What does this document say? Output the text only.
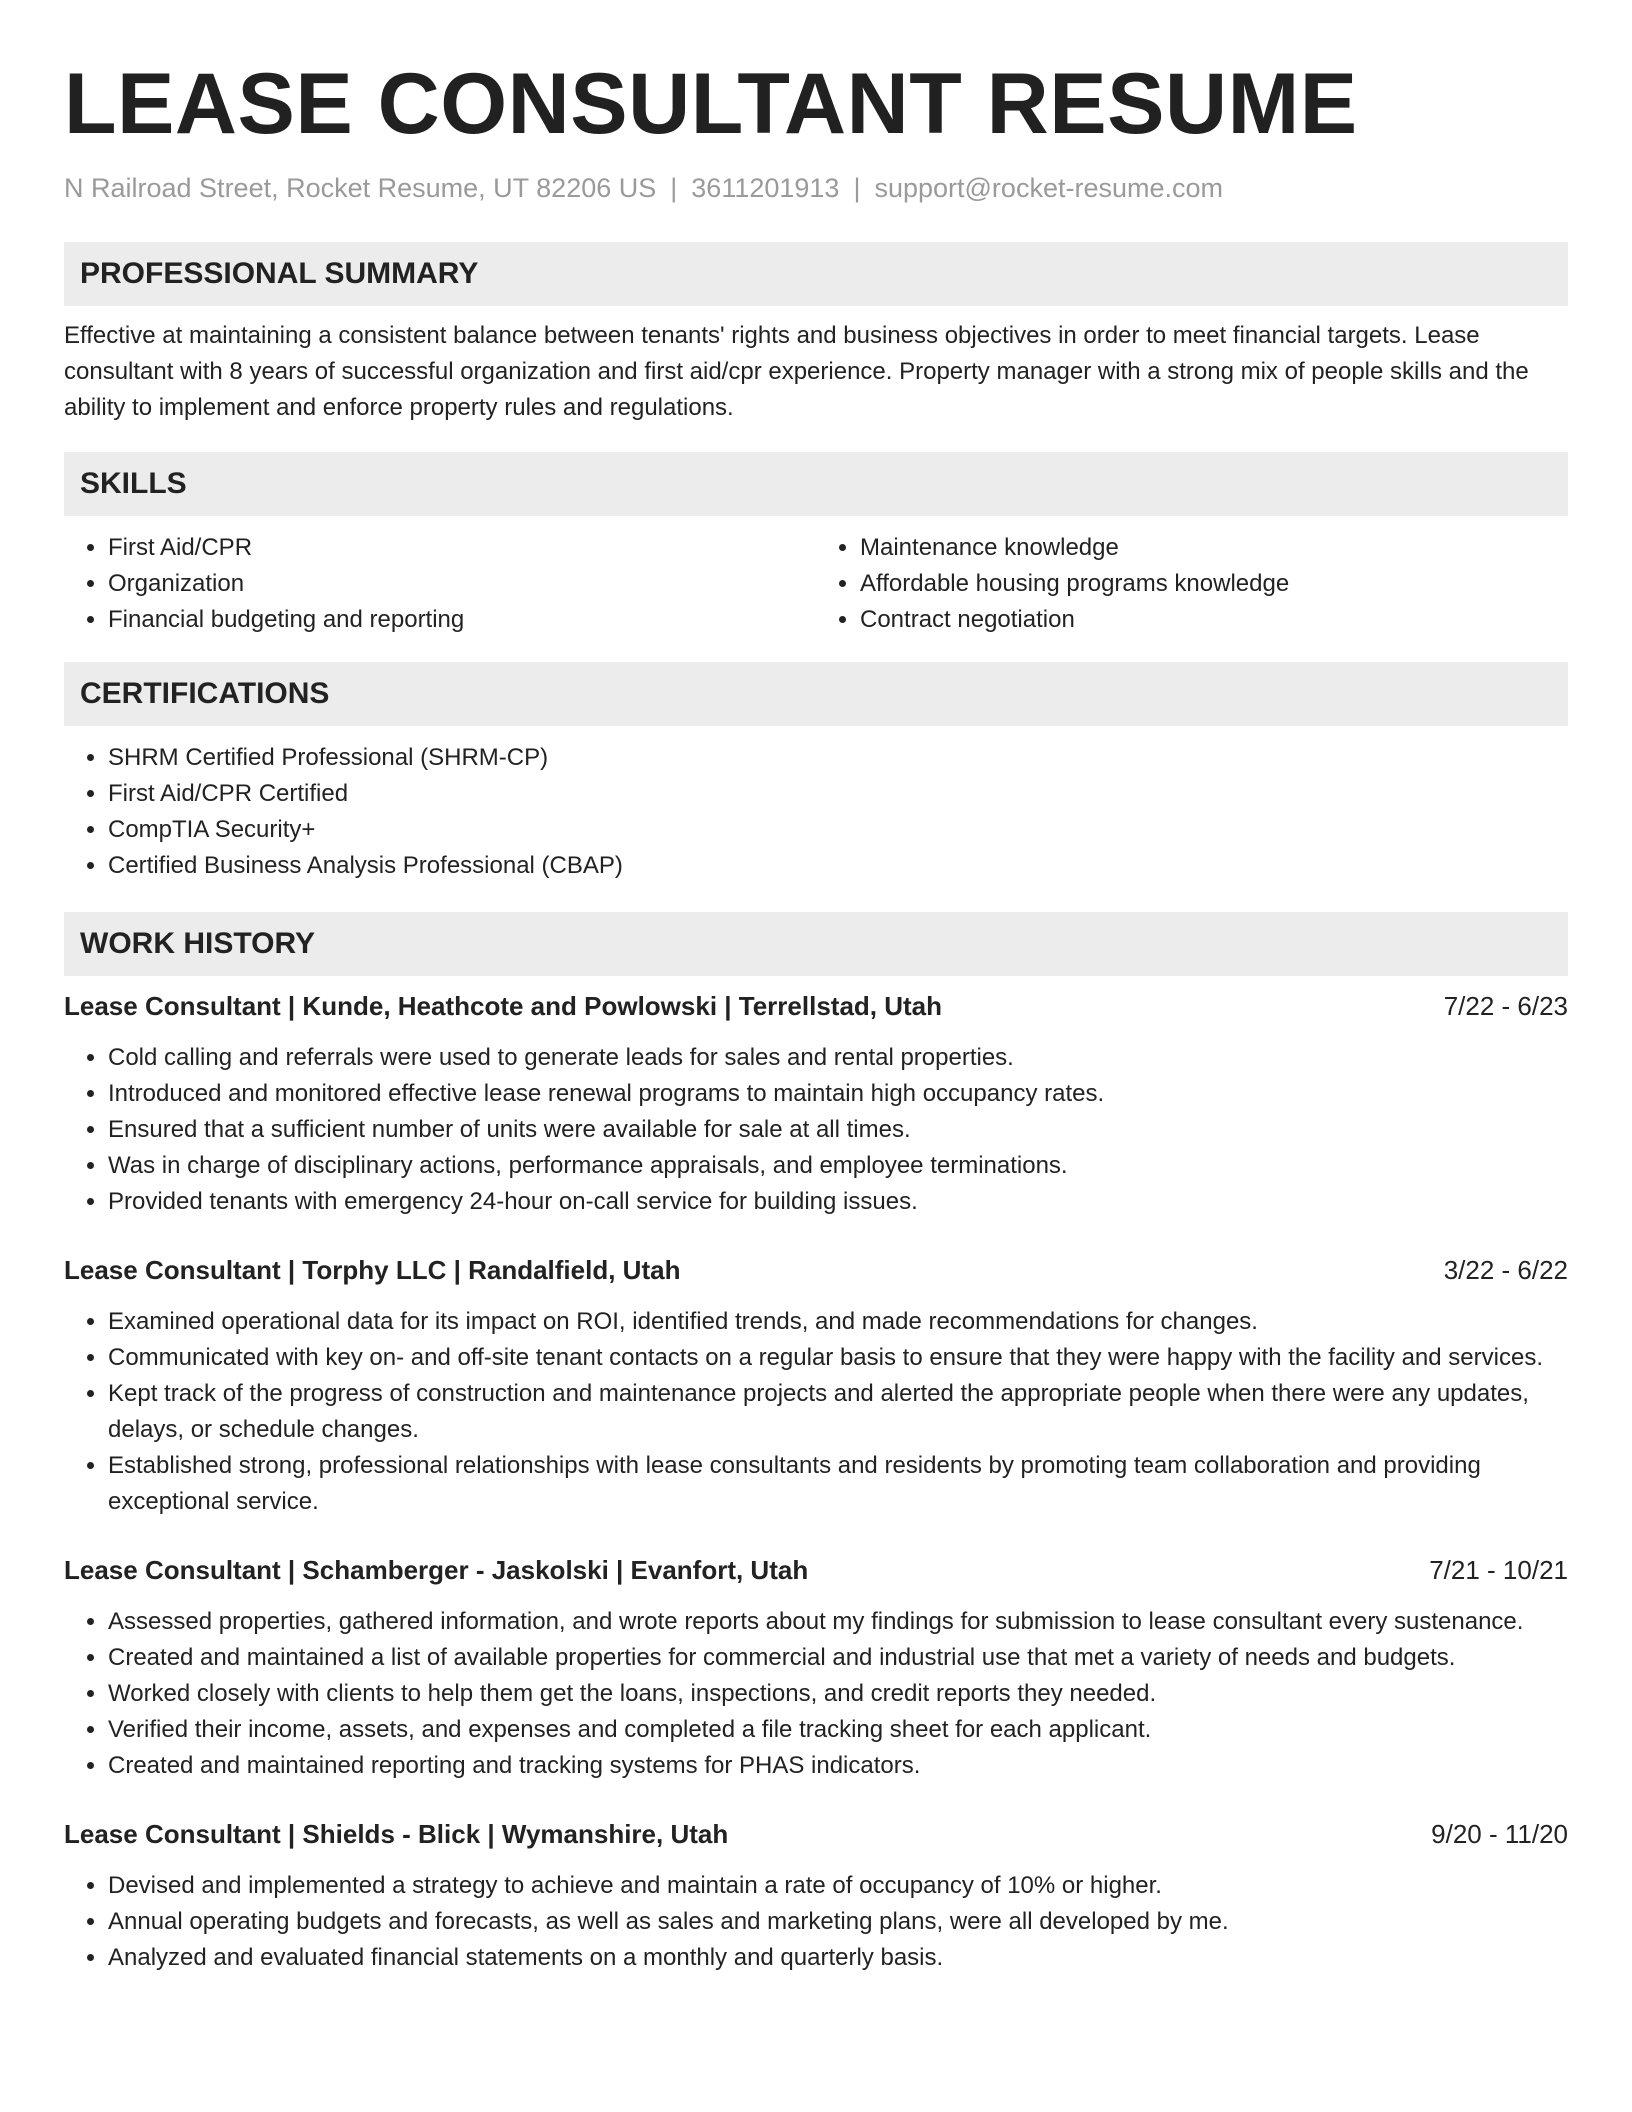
LEASE CONSULTANT RESUME
N Railroad Street, Rocket Resume, UT 82206 US | 3611201913 | support@rocket-resume.com
PROFESSIONAL SUMMARY
Effective at maintaining a consistent balance between tenants' rights and business objectives in order to meet financial targets. Lease consultant with 8 years of successful organization and first aid/cpr experience. Property manager with a strong mix of people skills and the ability to implement and enforce property rules and regulations.
SKILLS
• First Aid/CPR
• Organization
• Financial budgeting and reporting
• Maintenance knowledge
• Affordable housing programs knowledge
• Contract negotiation
CERTIFICATIONS
• SHRM Certified Professional (SHRM-CP)
• First Aid/CPR Certified
• CompTIA Security+
• Certified Business Analysis Professional (CBAP)
WORK HISTORY
Lease Consultant | Kunde, Heathcote and Powlowski | Terrellstad, Utah	7/22 - 6/23
• Cold calling and referrals were used to generate leads for sales and rental properties.
• Introduced and monitored effective lease renewal programs to maintain high occupancy rates.
• Ensured that a sufficient number of units were available for sale at all times.
• Was in charge of disciplinary actions, performance appraisals, and employee terminations.
• Provided tenants with emergency 24-hour on-call service for building issues.
Lease Consultant | Torphy LLC | Randalfield, Utah	3/22 - 6/22
• Examined operational data for its impact on ROI, identified trends, and made recommendations for changes.
• Communicated with key on- and off-site tenant contacts on a regular basis to ensure that they were happy with the facility and services.
• Kept track of the progress of construction and maintenance projects and alerted the appropriate people when there were any updates, delays, or schedule changes.
• Established strong, professional relationships with lease consultants and residents by promoting team collaboration and providing exceptional service.
Lease Consultant | Schamberger - Jaskolski | Evanfort, Utah	7/21 - 10/21
• Assessed properties, gathered information, and wrote reports about my findings for submission to lease consultant every sustenance.
• Created and maintained a list of available properties for commercial and industrial use that met a variety of needs and budgets.
• Worked closely with clients to help them get the loans, inspections, and credit reports they needed.
• Verified their income, assets, and expenses and completed a file tracking sheet for each applicant.
• Created and maintained reporting and tracking systems for PHAS indicators.
Lease Consultant | Shields - Blick | Wymanshire, Utah	9/20 - 11/20
• Devised and implemented a strategy to achieve and maintain a rate of occupancy of 10% or higher.
• Annual operating budgets and forecasts, as well as sales and marketing plans, were all developed by me.
• Analyzed and evaluated financial statements on a monthly and quarterly basis.
